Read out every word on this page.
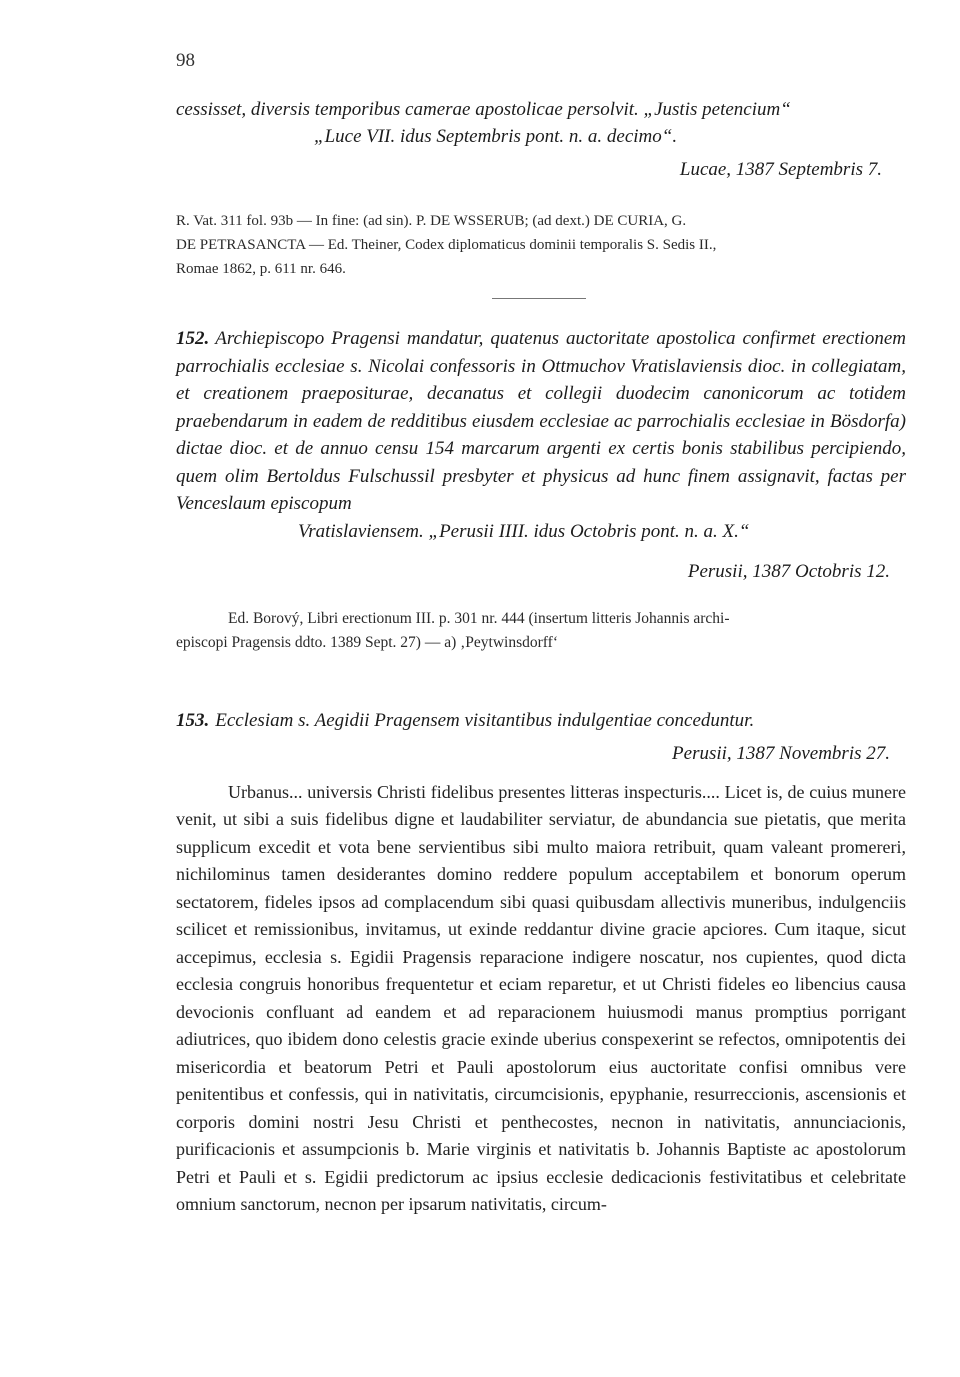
98
cessisset, diversis temporibus camerae apostolicae persolvit. „Justis petencium“
„Luce VII. idus Septembris pont. n. a. decimo“.
Lucae, 1387 Septembris 7.
R. Vat. 311 fol. 93b — In fine: (ad sin). P. DE WSSERUB; (ad dext.) DE CURIA, G.
DE PETRASANCTA — Ed. Theiner, Codex diplomaticus dominii temporalis S. Sedis II.,
Romae 1862, p. 611 nr. 646.
152. Archiepiscopo Pragensi mandatur, quatenus auctoritate apostolica confirmet erectionem parrochialis ecclesiae s. Nicolai confessoris in Ottmuchov Vratislaviensis dioc. in collegiatam, et creationem praepositurae, decanatus et collegii duodecim canonicorum ac totidem praebendarum in eadem de redditibus eiusdem ecclesiae ac parrochialis ecclesiae in Bösdorfa) dictae dioc. et de annuo censu 154 marcarum argenti ex certis bonis stabilibus percipiendo, quem olim Bertoldus Fulschussil presbyter et physicus ad hunc finem assignavit, factas per Venceslaum episcopum
Vratislaviensem. „Perusii IIII. idus Octobris pont. n. a. X.“
Perusii, 1387 Octobris 12.
Ed. Borový, Libri erectionum III. p. 301 nr. 444 (insertum litteris Johannis archi-
episcopi Pragensis ddto. 1389 Sept. 27) — a) ‚Peytwinsdorff‘
153. Ecclesiam s. Aegidii Pragensem visitantibus indulgentiae conceduntur.
Perusii, 1387 Novembris 27.
Urbanus... universis Christi fidelibus presentes litteras inspecturis.... Licet is, de cuius munere venit, ut sibi a suis fidelibus digne et laudabiliter serviatur, de abundancia sue pietatis, que merita supplicum excedit et vota bene servientibus sibi multo maiora retribuit, quam valeant promereri, nichilominus tamen desiderantes domino reddere populum acceptabilem et bonorum operum sectatorem, fideles ipsos ad complacendum sibi quasi quibusdam allectivis muneribus, indulgenciis scilicet et remissionibus, invitamus, ut exinde reddantur divine gracie apciores. Cum itaque, sicut accepimus, ecclesia s. Egidii Pragensis reparacione indigere noscatur, nos cupientes, quod dicta ecclesia congruis honoribus frequentetur et eciam reparetur, et ut Christi fideles eo libencius causa devocionis confluant ad eandem et ad reparacionem huiusmodi manus promptius porrigant adiutrices, quo ibidem dono celestis gracie exinde uberius conspexerint se refectos, omnipotentis dei misericordia et beatorum Petri et Pauli apostolorum eius auctoritate confisi omnibus vere penitentibus et confessis, qui in nativitatis, circumcisionis, epyphanie, resurreccionis, ascensionis et corporis domini nostri Jesu Christi et penthecostes, necnon in nativitatis, annunciacionis, purificacionis et assumpcionis b. Marie virginis et nativitatis b. Johannis Baptiste ac apostolorum Petri et Pauli et s. Egidii predictorum ac ipsius ecclesie dedicacionis festivitatibus et celebritate omnium sanctorum, necnon per ipsarum nativitatis, circum-
